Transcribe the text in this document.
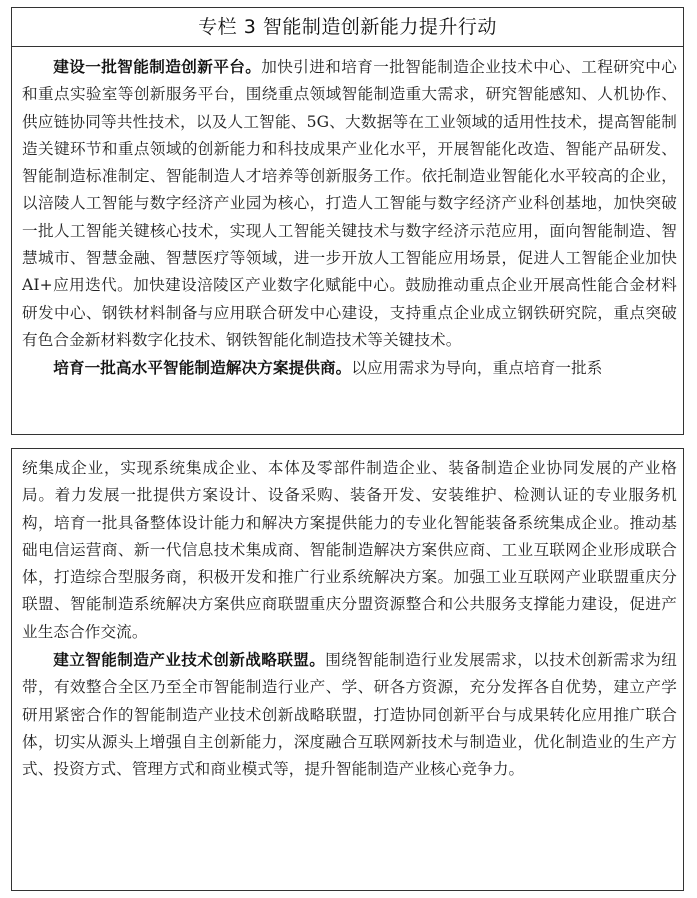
专栏 3 智能制造创新能力提升行动

建设一批智能制造创新平台。加快引进和培育一批智能制造企业技术中心、工程研究中心和重点实验室等创新服务平台，围绕重点领域智能制造重大需求，研究智能感知、人机协作、供应链协同等共性技术，以及人工智能、5G、大数据等在工业领域的适用性技术，提高智能制造关键环节和重点领域的创新能力和科技成果产业化水平，开展智能化改造、智能产品研发、智能制造标准制定、智能制造人才培养等创新服务工作。依托制造业智能化水平较高的企业，以涪陵人工智能与数字经济产业园为核心，打造人工智能与数字经济产业科创基地，加快突破一批人工智能关键核心技术，实现人工智能关键技术与数字经济示范应用，面向智能制造、智慧城市、智慧金融、智慧医疗等领域，进一步开放人工智能应用场景，促进人工智能企业加快AI+应用迭代。加快建设涪陵区产业数字化赋能中心。鼓励推动重点企业开展高性能合金材料研发中心、钢铁材料制备与应用联合研发中心建设，支持重点企业成立钢铁研究院，重点突破有色合金新材料数字化技术、钢铁智能化制造技术等关键技术。

培育一批高水平智能制造解决方案提供商。以应用需求为导向，重点培育一批系

统集成企业，实现系统集成企业、本体及零部件制造企业、装备制造企业协同发展的产业格局。着力发展一批提供方案设计、设备采购、装备开发、安装维护、检测认证的专业服务机构，培育一批具备整体设计能力和解决方案提供能力的专业化智能装备系统集成企业。推动基础电信运营商、新一代信息技术集成商、智能制造解决方案供应商、工业互联网企业形成联合体，打造综合型服务商，积极开发和推广行业系统解决方案。加强工业互联网产业联盟重庆分联盟、智能制造系统解决方案供应商联盟重庆分盟资源整合和公共服务支撑能力建设，促进产业生态合作交流。

建立智能制造产业技术创新战略联盟。围绕智能制造行业发展需求，以技术创新需求为纽带，有效整合全区乃至全市智能制造行业产、学、研各方资源，充分发挥各自优势，建立产学研用紧密合作的智能制造产业技术创新战略联盟，打造协同创新平台与成果转化应用推广联合体，切实从源头上增强自主创新能力，深度融合互联网新技术与制造业，优化制造业的生产方式、投资方式、管理方式和商业模式等，提升智能制造产业核心竞争力。
